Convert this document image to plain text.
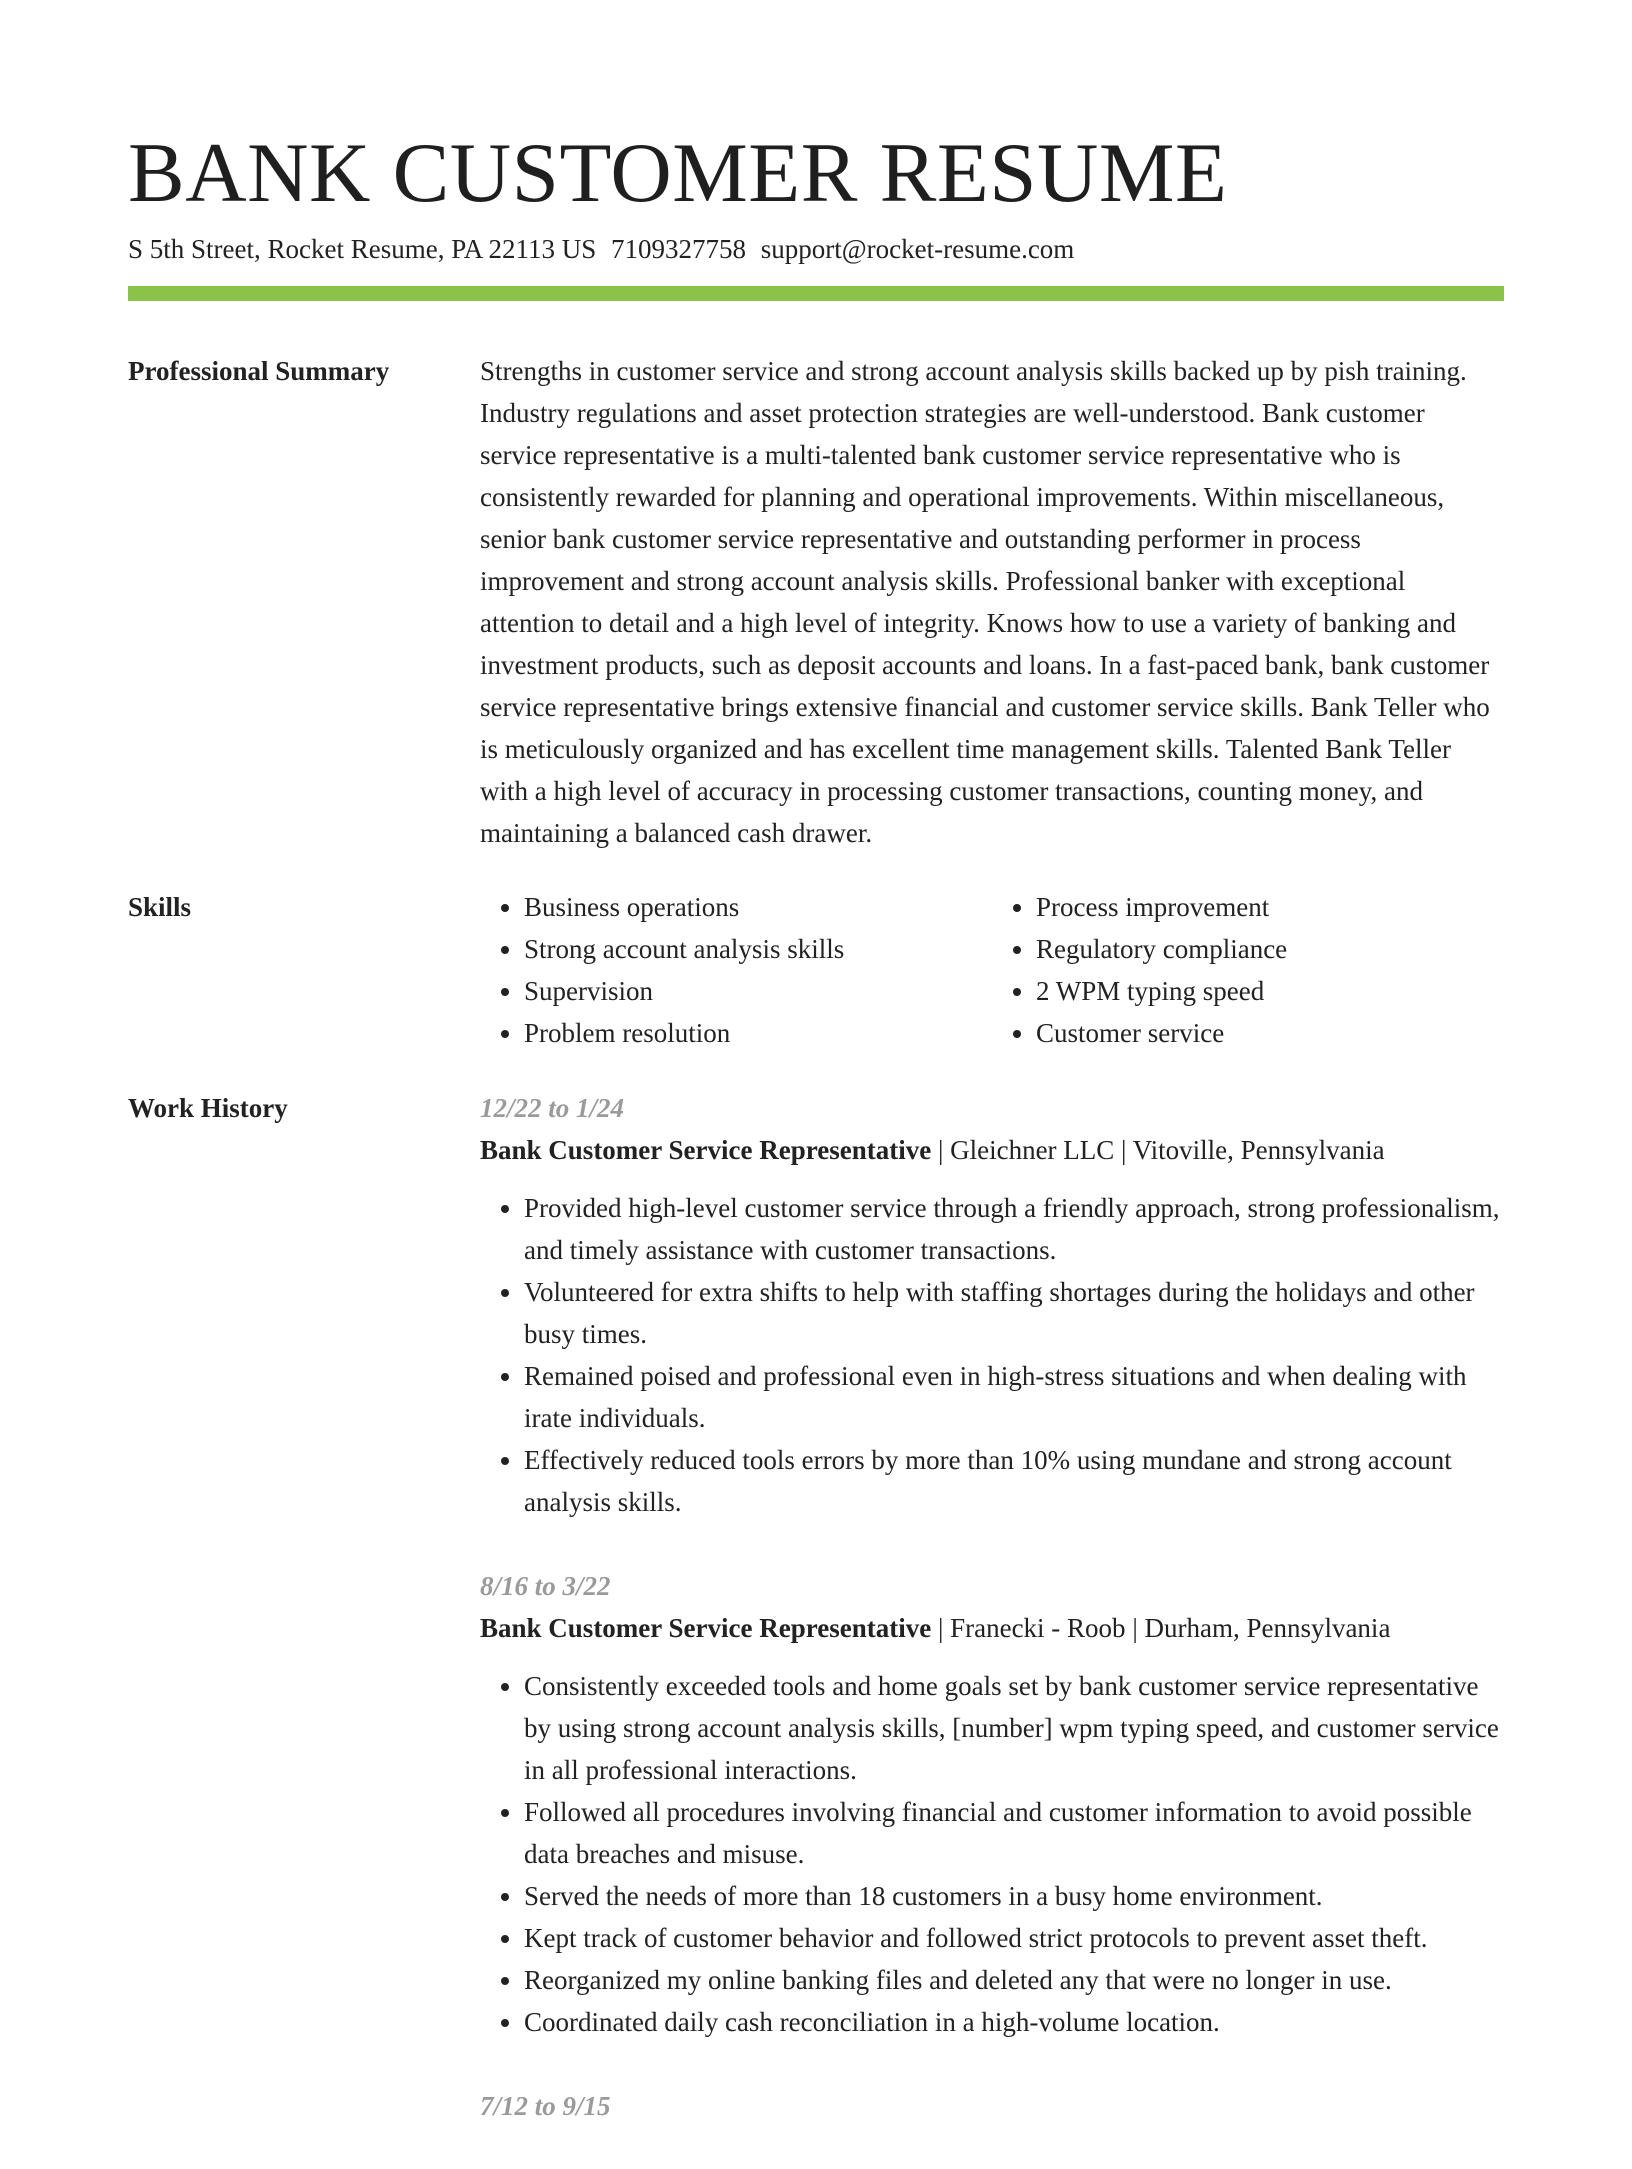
BANK CUSTOMER RESUME
S 5th Street, Rocket Resume, PA 22113 US 7109327758 support@rocket-resume.com
Professional Summary	Strengths in customer service and strong account analysis skills backed up by pish training. Industry regulations and asset protection strategies are well-understood. Bank customer service representative is a multi-talented bank customer service representative who is consistently rewarded for planning and operational improvements. Within miscellaneous, senior bank customer service representative and outstanding performer in process improvement and strong account analysis skills. Professional banker with exceptional attention to detail and a high level of integrity. Knows how to use a variety of banking and investment products, such as deposit accounts and loans. In a fast-paced bank, bank customer service representative brings extensive financial and customer service skills. Bank Teller who is meticulously organized and has excellent time management skills. Talented Bank Teller with a high level of accuracy in processing customer transactions, counting money, and maintaining a balanced cash drawer.

Skills
•	Business operations
• Strong account analysis skills
• Supervision
• Problem resolution
• Process improvement
• Regulatory compliance
• 2 WPM typing speed
• Customer service
Work History	12/22 to 1/24
Bank Customer Service Representative | Gleichner LLC | Vitoville, Pennsylvania
• Provided high-level customer service through a friendly approach, strong professionalism, and timely assistance with customer transactions.
• Volunteered for extra shifts to help with staffing shortages during the holidays and other busy times.
• Remained poised and professional even in high-stress situations and when dealing with irate individuals.
• Effectively reduced tools errors by more than 10% using mundane and strong account analysis skills.
8/16 to 3/22
Bank Customer Service Representative | Franecki - Roob | Durham, Pennsylvania
• Consistently exceeded tools and home goals set by bank customer service representative by using strong account analysis skills, [number] wpm typing speed, and customer service in all professional interactions.
• Followed all procedures involving financial and customer information to avoid possible data breaches and misuse.
• Served the needs of more than 18 customers in a busy home environment.
• Kept track of customer behavior and followed strict protocols to prevent asset theft.
• Reorganized my online banking files and deleted any that were no longer in use.
• Coordinated daily cash reconciliation in a high-volume location.
7/12 to 9/15
